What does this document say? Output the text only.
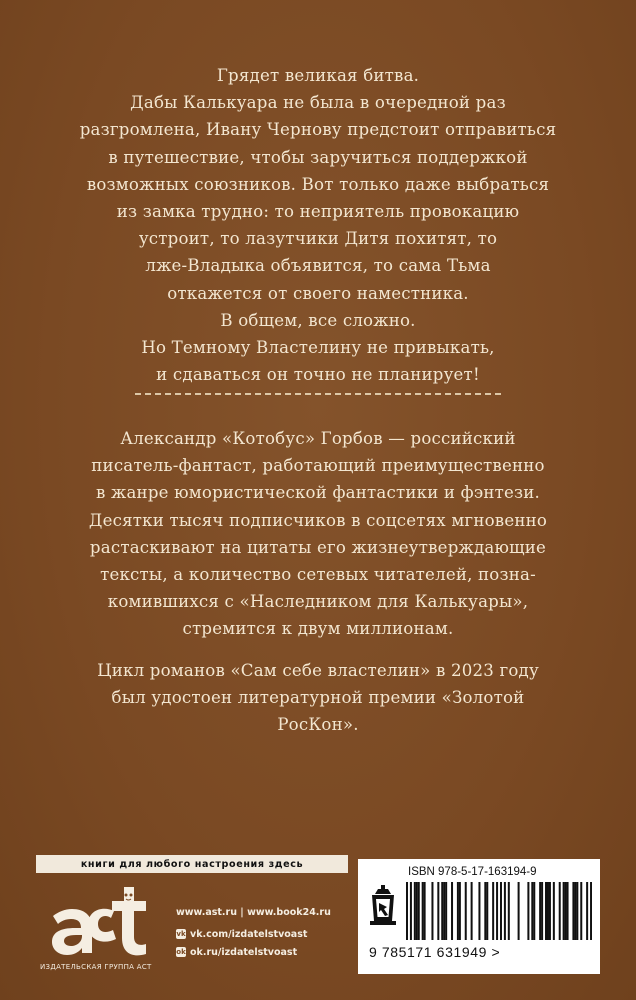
Грядет великая битва.

Дабы Калькуара не была в очередной раз

разгромлена, Ивану Чернову предстоит отправиться

в путешествие, чтобы заручиться поддержкой

возможных союзников. Вот только даже выбраться

из замка трудно: то неприятель провокацию

устроит, то лазутчики Дитя похитят, то

лже-Владыка объявится, то сама Тьма

откажется от своего наместника.

В общем, все сложно.

Но Темному Властелину не привыкать,

и сдаваться он точно не планирует!

Александр «Котобус» Горбов — российский

писатель-фантаст, работающий преимущественно

в жанре юмористической фантастики и фэнтези.

Десятки тысяч подписчиков в соцсетях мгновенно

растаскивают на цитаты его жизнеутверждающие

тексты, а количество сетевых читателей, позна-

комившихся с «Наследником для Калькуары»,

стремится к двум миллионам.

Цикл романов «Сам себе властелин» в 2023 году

был удостоен литературной премии «Золотой

РосКон».

книги для любого настроения здесь
ИЗДАТЕЛЬСКАЯ ГРУППА АСТ
www.ast.ru | www.book24.ru
vk vk.com/izdatelstvoast
ok ok.ru/izdatelstvoast
ISBN 978-5-17-163194-9
9 785171 631949 >
